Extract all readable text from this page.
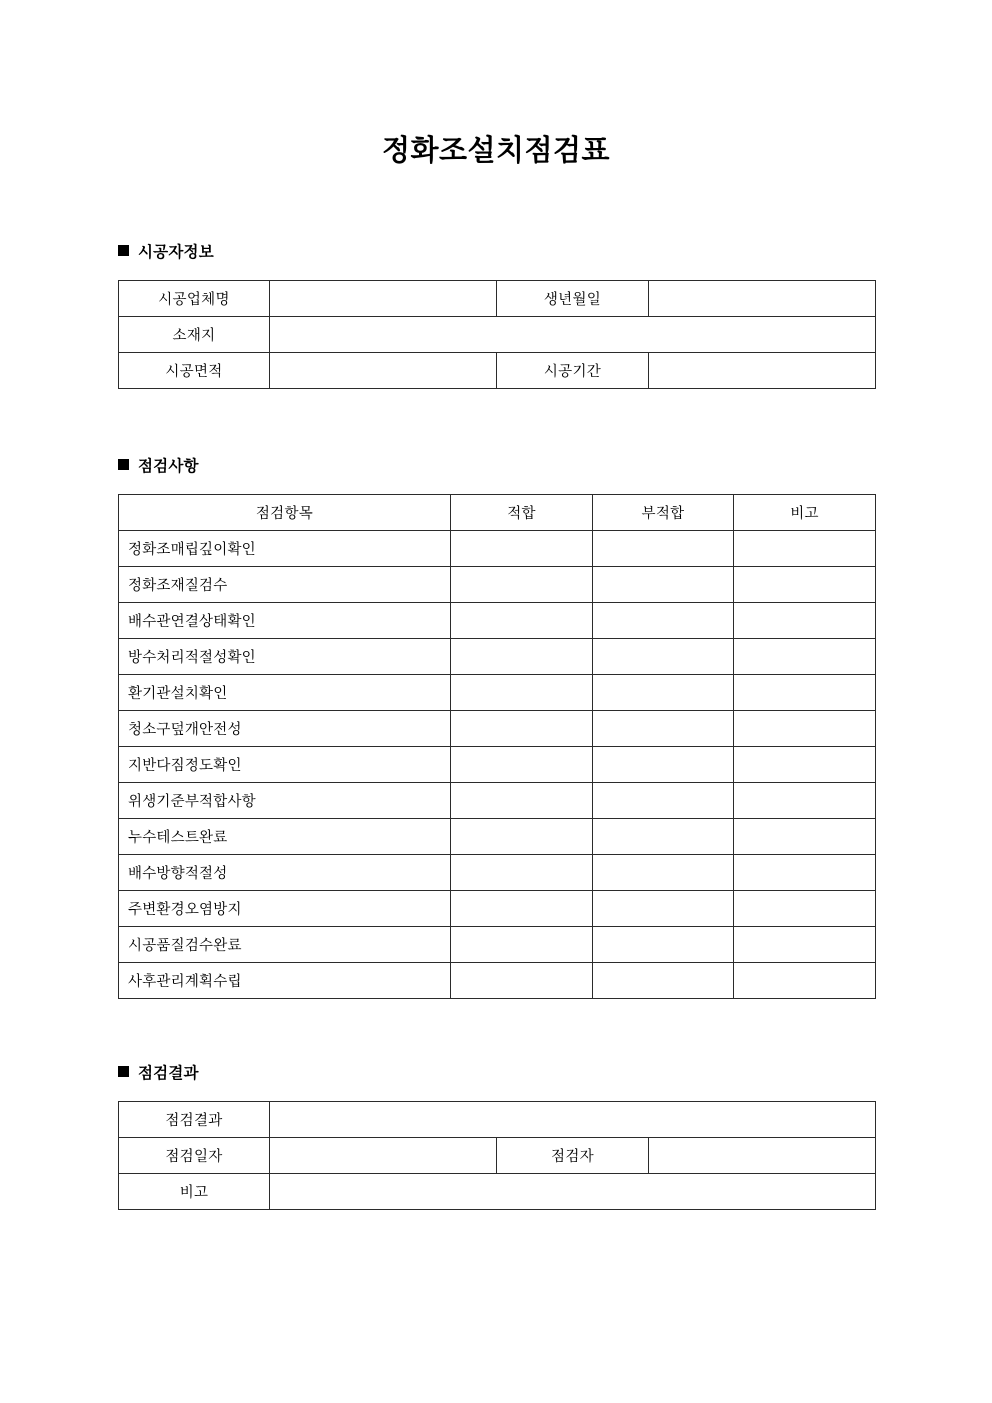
정화조설치점검표
시공자정보
시공업체명		생년월일	
소재지			
시공면적		시공기간	
점검사항
점검항목	적합	부적합	비고
정화조매립깊이확인			
정화조재질검수			
배수관연결상태확인			
방수처리적절성확인			
환기관설치확인			
청소구덮개안전성			
지반다짐정도확인			
위생기준부적합사항			
누수테스트완료			
배수방향적절성			
주변환경오염방지			
시공품질검수완료			
사후관리계획수립			
점검결과
점검결과			
점검일자		점검자	
비고			
